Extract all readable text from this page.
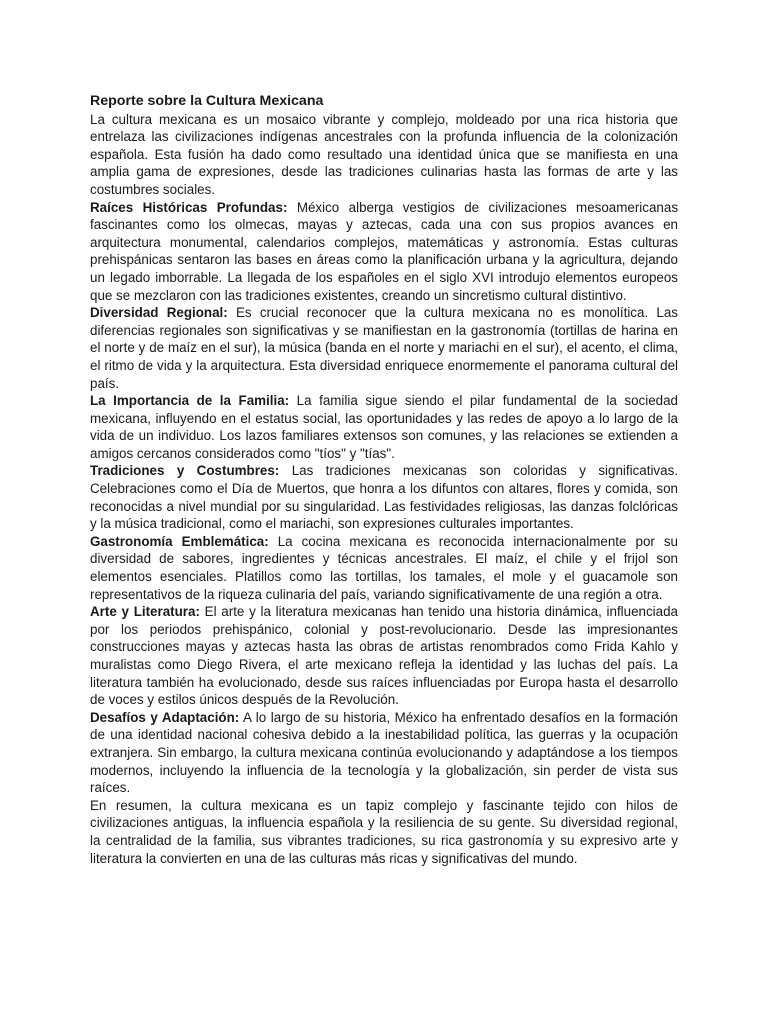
Reporte sobre la Cultura Mexicana

La cultura mexicana es un mosaico vibrante y complejo, moldeado por una rica historia que entrelaza las civilizaciones indígenas ancestrales con la profunda influencia de la colonización española. Esta fusión ha dado como resultado una identidad única que se manifiesta en una amplia gama de expresiones, desde las tradiciones culinarias hasta las formas de arte y las costumbres sociales.

Raíces Históricas Profundas: México alberga vestigios de civilizaciones mesoamericanas fascinantes como los olmecas, mayas y aztecas, cada una con sus propios avances en arquitectura monumental, calendarios complejos, matemáticas y astronomía. Estas culturas prehispánicas sentaron las bases en áreas como la planificación urbana y la agricultura, dejando un legado imborrable. La llegada de los españoles en el siglo XVI introdujo elementos europeos que se mezclaron con las tradiciones existentes, creando un sincretismo cultural distintivo.

Diversidad Regional: Es crucial reconocer que la cultura mexicana no es monolítica. Las diferencias regionales son significativas y se manifiestan en la gastronomía (tortillas de harina en el norte y de maíz en el sur), la música (banda en el norte y mariachi en el sur), el acento, el clima, el ritmo de vida y la arquitectura. Esta diversidad enriquece enormemente el panorama cultural del país.

La Importancia de la Familia: La familia sigue siendo el pilar fundamental de la sociedad mexicana, influyendo en el estatus social, las oportunidades y las redes de apoyo a lo largo de la vida de un individuo. Los lazos familiares extensos son comunes, y las relaciones se extienden a amigos cercanos considerados como "tíos" y "tías".

Tradiciones y Costumbres: Las tradiciones mexicanas son coloridas y significativas. Celebraciones como el Día de Muertos, que honra a los difuntos con altares, flores y comida, son reconocidas a nivel mundial por su singularidad. Las festividades religiosas, las danzas folclóricas y la música tradicional, como el mariachi, son expresiones culturales importantes.

Gastronomía Emblemática: La cocina mexicana es reconocida internacionalmente por su diversidad de sabores, ingredientes y técnicas ancestrales. El maíz, el chile y el frijol son elementos esenciales. Platillos como las tortillas, los tamales, el mole y el guacamole son representativos de la riqueza culinaria del país, variando significativamente de una región a otra.

Arte y Literatura: El arte y la literatura mexicanas han tenido una historia dinámica, influenciada por los periodos prehispánico, colonial y post-revolucionario. Desde las impresionantes construcciones mayas y aztecas hasta las obras de artistas renombrados como Frida Kahlo y muralistas como Diego Rivera, el arte mexicano refleja la identidad y las luchas del país. La literatura también ha evolucionado, desde sus raíces influenciadas por Europa hasta el desarrollo de voces y estilos únicos después de la Revolución.

Desafíos y Adaptación: A lo largo de su historia, México ha enfrentado desafíos en la formación de una identidad nacional cohesiva debido a la inestabilidad política, las guerras y la ocupación extranjera. Sin embargo, la cultura mexicana continúa evolucionando y adaptándose a los tiempos modernos, incluyendo la influencia de la tecnología y la globalización, sin perder de vista sus raíces.

En resumen, la cultura mexicana es un tapiz complejo y fascinante tejido con hilos de civilizaciones antiguas, la influencia española y la resiliencia de su gente. Su diversidad regional, la centralidad de la familia, sus vibrantes tradiciones, su rica gastronomía y su expresivo arte y literatura la convierten en una de las culturas más ricas y significativas del mundo.
